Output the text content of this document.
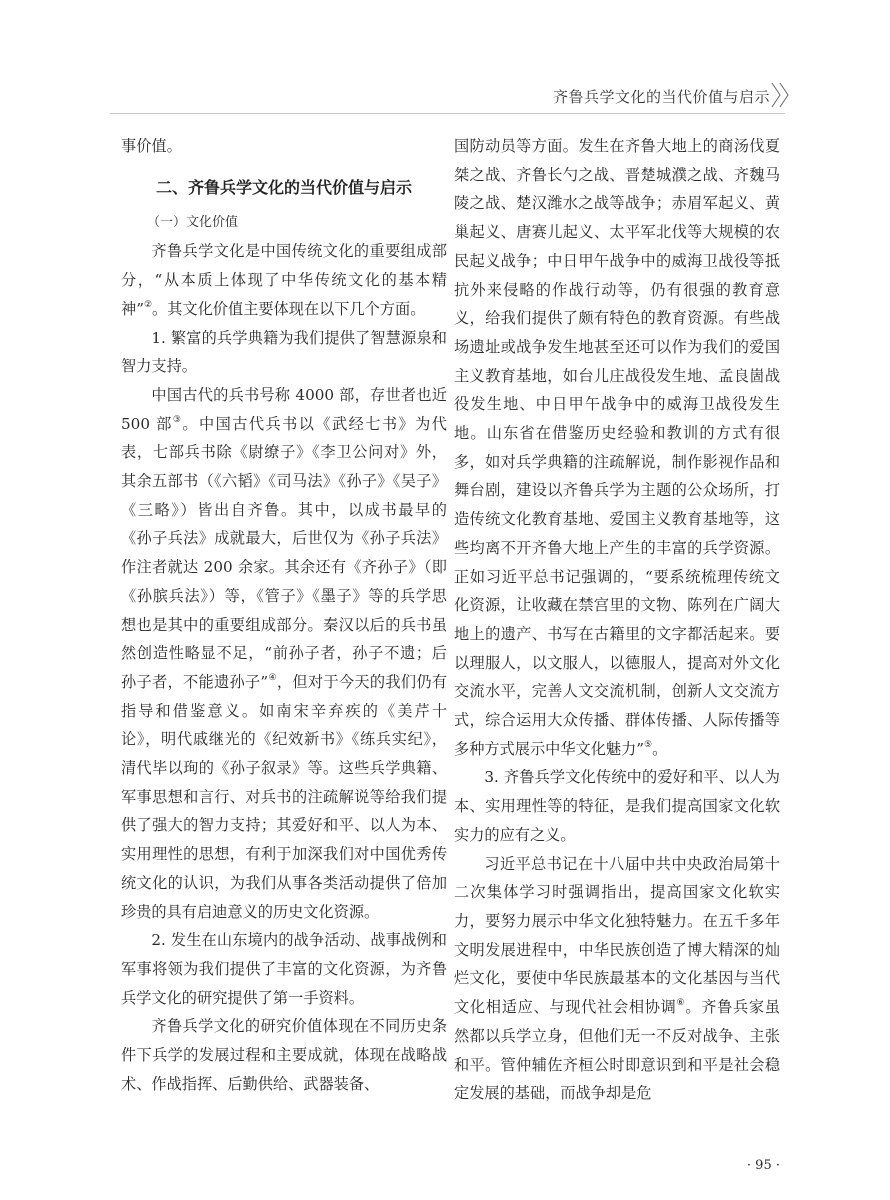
齐鲁兵学文化的当代价值与启示

事价值。

二、齐鲁兵学文化的当代价值与启示

（一）文化价值

齐鲁兵学文化是中国传统文化的重要组成部分，“从本质上体现了中华传统文化的基本精神”②。其文化价值主要体现在以下几个方面。

1. 繁富的兵学典籍为我们提供了智慧源泉和智力支持。

中国古代的兵书号称 4000 部，存世者也近 500 部③。中国古代兵书以《武经七书》为代表，七部兵书除《尉缭子》《李卫公问对》外，其余五部书（《六韬》《司马法》《孙子》《吴子》《三略》）皆出自齐鲁。其中，以成书最早的《孙子兵法》成就最大，后世仅为《孙子兵法》作注者就达 200 余家。其余还有《齐孙子》（即《孙膑兵法》）等，《管子》《墨子》等的兵学思想也是其中的重要组成部分。秦汉以后的兵书虽然创造性略显不足，“前孙子者，孙子不遗；后孙子者，不能遗孙子”④，但对于今天的我们仍有指导和借鉴意义。如南宋辛弃疾的《美芹十论》，明代戚继光的《纪效新书》《练兵实纪》，清代毕以珣的《孙子叙录》等。这些兵学典籍、军事思想和言行、对兵书的注疏解说等给我们提供了强大的智力支持；其爱好和平、以人为本、实用理性的思想，有利于加深我们对中国优秀传统文化的认识，为我们从事各类活动提供了倍加珍贵的具有启迪意义的历史文化资源。

2. 发生在山东境内的战争活动、战事战例和军事将领为我们提供了丰富的文化资源，为齐鲁兵学文化的研究提供了第一手资料。

齐鲁兵学文化的研究价值体现在不同历史条件下兵学的发展过程和主要成就，体现在战略战术、作战指挥、后勤供给、武器装备、

国防动员等方面。发生在齐鲁大地上的商汤伐夏桀之战、齐鲁长勺之战、晋楚城濮之战、齐魏马陵之战、楚汉潍水之战等战争；赤眉军起义、黄巢起义、唐赛儿起义、太平军北伐等大规模的农民起义战争；中日甲午战争中的威海卫战役等抵抗外来侵略的作战行动等，仍有很强的教育意义，给我们提供了颇有特色的教育资源。有些战场遗址或战争发生地甚至还可以作为我们的爱国主义教育基地，如台儿庄战役发生地、孟良崮战役发生地、中日甲午战争中的威海卫战役发生地。山东省在借鉴历史经验和教训的方式有很多，如对兵学典籍的注疏解说，制作影视作品和舞台剧，建设以齐鲁兵学为主题的公众场所，打造传统文化教育基地、爱国主义教育基地等，这些均离不开齐鲁大地上产生的丰富的兵学资源。正如习近平总书记强调的，“要系统梳理传统文化资源，让收藏在禁宫里的文物、陈列在广阔大地上的遗产、书写在古籍里的文字都活起来。要以理服人，以文服人，以德服人，提高对外文化交流水平，完善人文交流机制，创新人文交流方式，综合运用大众传播、群体传播、人际传播等多种方式展示中华文化魅力”⑤。

3. 齐鲁兵学文化传统中的爱好和平、以人为本、实用理性等的特征，是我们提高国家文化软实力的应有之义。

习近平总书记在十八届中共中央政治局第十二次集体学习时强调指出，提高国家文化软实力，要努力展示中华文化独特魅力。在五千多年文明发展进程中，中华民族创造了博大精深的灿烂文化，要使中华民族最基本的文化基因与当代文化相适应、与现代社会相协调⑥。齐鲁兵家虽然都以兵学立身，但他们无一不反对战争、主张和平。管仲辅佐齐桓公时即意识到和平是社会稳定发展的基础，而战争却是危

· 95 ·
